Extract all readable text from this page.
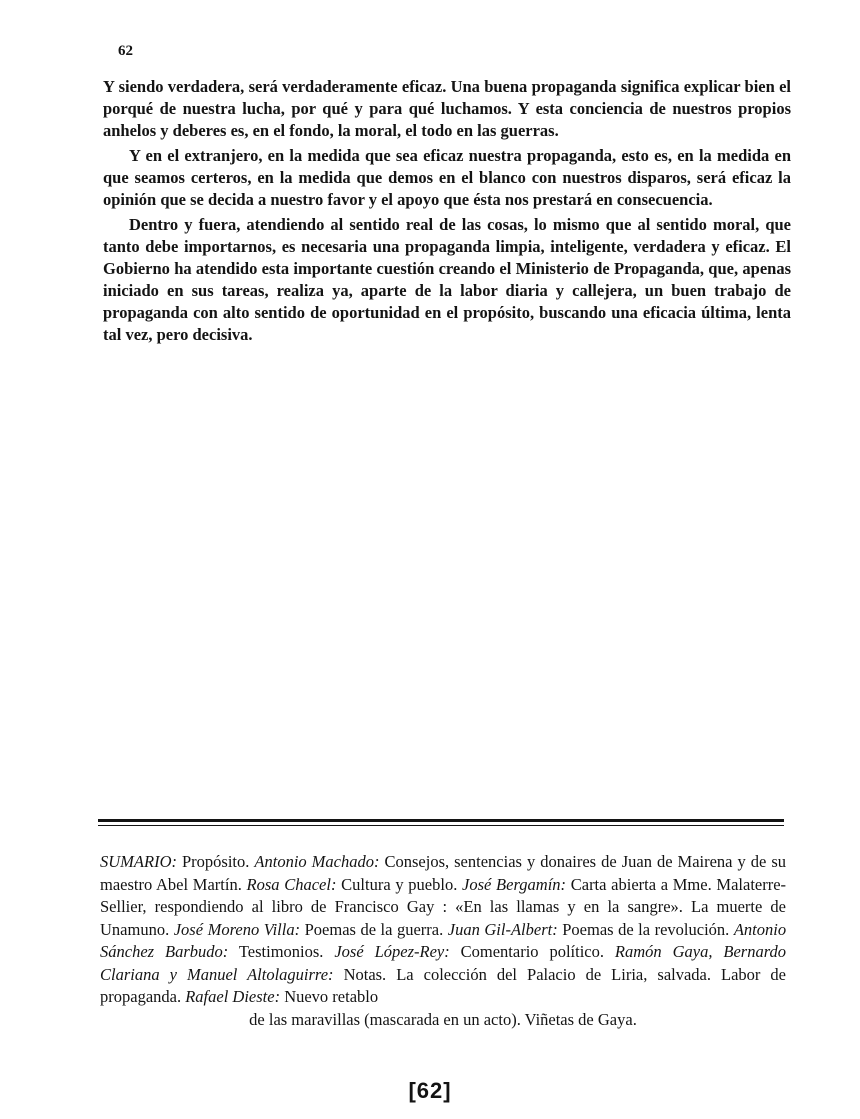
62

Y siendo verdadera, será verdaderamente eficaz. Una buena propaganda significa explicar bien el porqué de nuestra lucha, por qué y para qué luchamos. Y esta conciencia de nuestros propios anhelos y deberes es, en el fondo, la moral, el todo en las guerras.

Y en el extranjero, en la medida que sea eficaz nuestra propaganda, esto es, en la medida en que seamos certeros, en la medida que demos en el blanco con nuestros disparos, será eficaz la opinión que se decida a nuestro favor y el apoyo que ésta nos prestará en consecuencia.

Dentro y fuera, atendiendo al sentido real de las cosas, lo mismo que al sentido moral, que tanto debe importarnos, es necesaria una propaganda limpia, inteligente, verdadera y eficaz. El Gobierno ha atendido esta importante cuestión creando el Ministerio de Propaganda, que, apenas iniciado en sus tareas, realiza ya, aparte de la labor diaria y callejera, un buen trabajo de propaganda con alto sentido de oportunidad en el propósito, buscando una eficacia última, lenta tal vez, pero decisiva.

SUMARIO: Propósito. Antonio Machado: Consejos, sentencias y donaires de Juan de Mairena y de su maestro Abel Martín. Rosa Chacel: Cultura y pueblo. José Bergamín: Carta abierta a Mme. Malaterre-Sellier, respondiendo al libro de Francisco Gay : «En las llamas y en la sangre». La muerte de Unamuno. José Moreno Villa: Poemas de la guerra. Juan Gil-Albert: Poemas de la revolución. Antonio Sánchez Barbudo: Testimonios. José López-Rey: Comentario político. Ramón Gaya, Bernardo Clariana y Manuel Altolaguirre: Notas. La colección del Palacio de Liria, salvada. Labor de propaganda. Rafael Dieste: Nuevo retablo
de las maravillas (mascarada en un acto). Viñetas de Gaya.
[62]
